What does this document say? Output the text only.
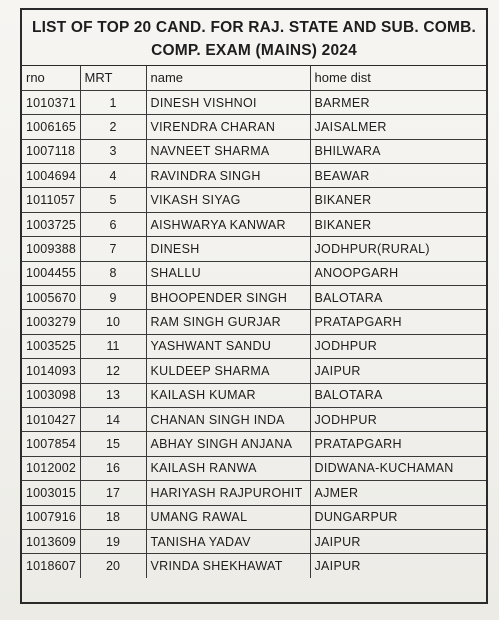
LIST OF TOP 20 CAND. FOR RAJ. STATE AND SUB. COMB.
COMP. EXAM (MAINS) 2024
rno	MRT	name	home dist
1010371	1	DINESH VISHNOI	BARMER
1006165	2	VIRENDRA CHARAN	JAISALMER
1007118	3	NAVNEET SHARMA	BHILWARA
1004694	4	RAVINDRA SINGH	BEAWAR
1011057	5	VIKASH SIYAG	BIKANER
1003725	6	AISHWARYA KANWAR	BIKANER
1009388	7	DINESH	JODHPUR(RURAL)
1004455	8	SHALLU	ANOOPGARH
1005670	9	BHOOPENDER SINGH	BALOTARA
1003279	10	RAM SINGH GURJAR	PRATAPGARH
1003525	11	YASHWANT SANDU	JODHPUR
1014093	12	KULDEEP SHARMA	JAIPUR
1003098	13	KAILASH KUMAR	BALOTARA
1010427	14	CHANAN SINGH INDA	JODHPUR
1007854	15	ABHAY SINGH ANJANA	PRATAPGARH
1012002	16	KAILASH RANWA	DIDWANA-KUCHAMAN
1003015	17	HARIYASH RAJPUROHIT	AJMER
1007916	18	UMANG RAWAL	DUNGARPUR
1013609	19	TANISHA YADAV	JAIPUR
1018607	20	VRINDA SHEKHAWAT	JAIPUR
